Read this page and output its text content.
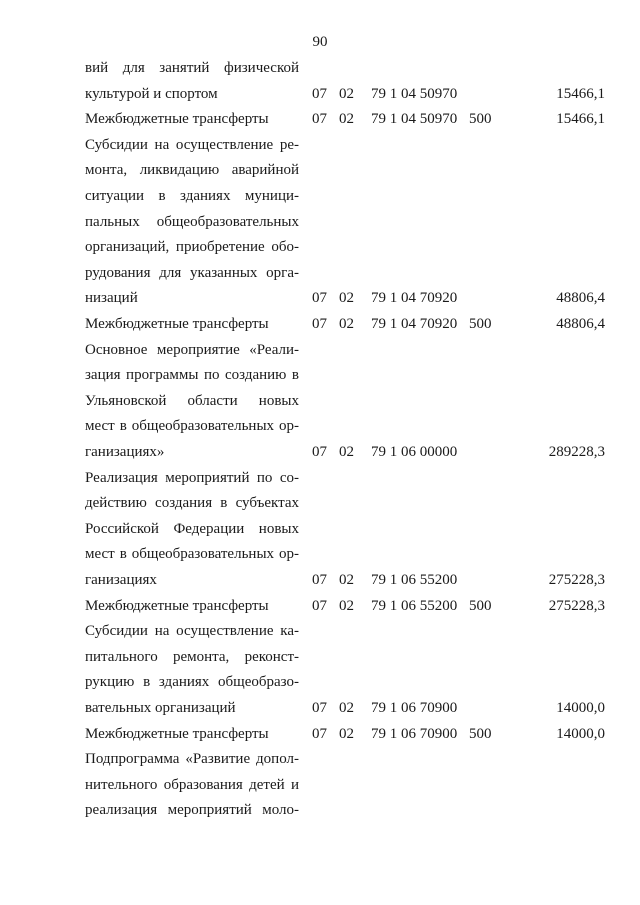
90
вий для занятий физической
культурой и спортом	07 02 79 1 04 50970	15466,1
Межбюджетные трансферты	07 02 79 1 04 50970 500	15466,1
Субсидии на осуществление ре-
монта, ликвидацию аварийной
ситуации в зданиях муници-
пальных общеобразовательных
организаций, приобретение обо-
рудования для указанных орга-
низаций	07 02 79 1 04 70920	48806,4
Межбюджетные трансферты	07 02 79 1 04 70920 500	48806,4
Основное мероприятие «Реали-
зация программы по созданию в
Ульяновской области новых
мест в общеобразовательных ор-
ганизациях»	07 02 79 1 06 00000	289228,3
Реализация мероприятий по со-
действию создания в субъектах
Российской Федерации новых
мест в общеобразовательных ор-
ганизациях	07 02 79 1 06 55200	275228,3
Межбюджетные трансферты	07 02 79 1 06 55200 500	275228,3
Субсидии на осуществление ка-
питального ремонта, реконст-
рукцию в зданиях общеобразо-
вательных организаций	07 02 79 1 06 70900	14000,0
Межбюджетные трансферты	07 02 79 1 06 70900 500	14000,0
Подпрограмма «Развитие допол-
нительного образования детей и
реализация мероприятий моло-
